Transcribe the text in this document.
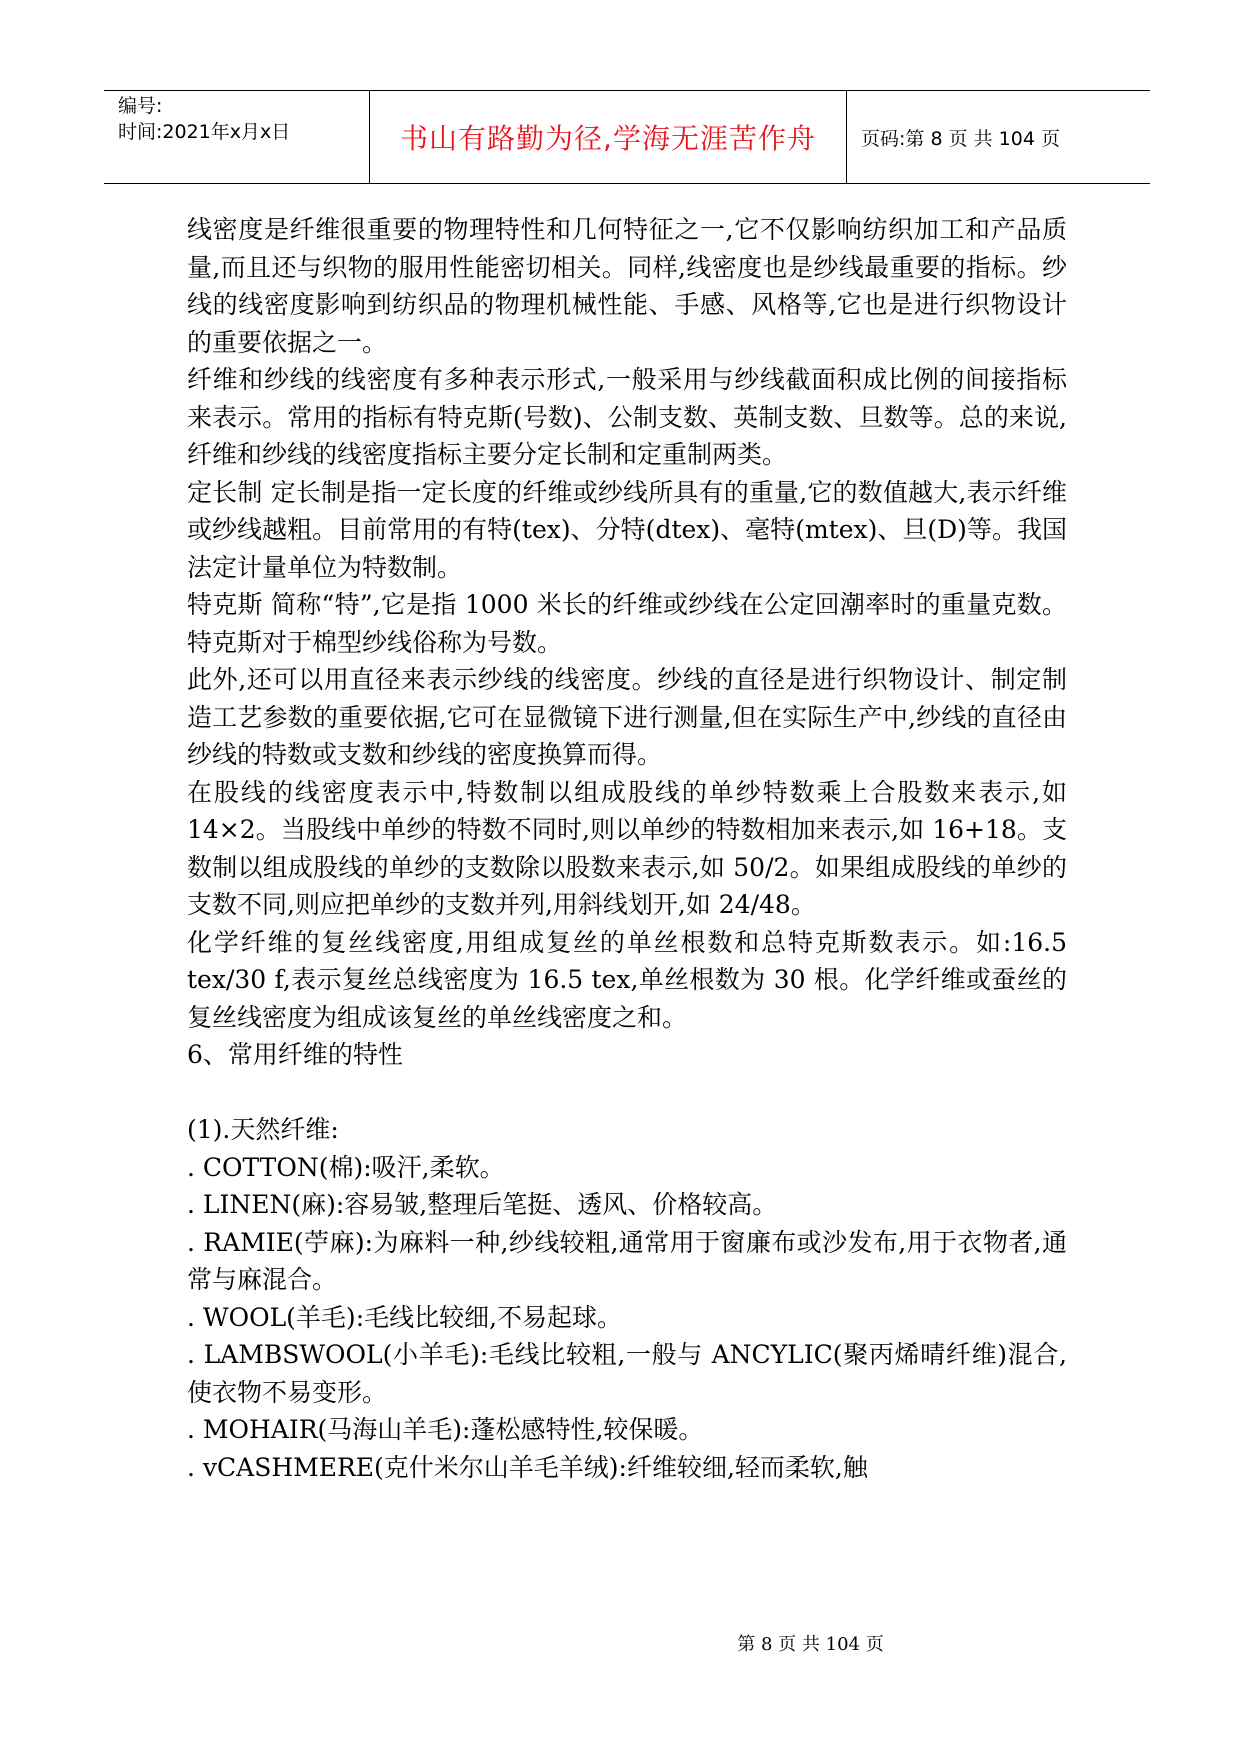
编号:
时间:2021年x月x日	书山有路勤为径,学海无涯苦作舟 页码:第 8 页 共 104 页

线密度是纤维很重要的物理特性和几何特征之一,它不仅影响纺织加工和产品质量,而且还与织物的服用性能密切相关。同样,线密度也是纱线最重要的指标。纱线的线密度影响到纺织品的物理机械性能、手感、风格等,它也是进行织物设计的重要依据之一。

纤维和纱线的线密度有多种表示形式,一般采用与纱线截面积成比例的间接指标来表示。常用的指标有特克斯(号数)、公制支数、英制支数、旦数等。总的来说,纤维和纱线的线密度指标主要分定长制和定重制两类。

定长制 定长制是指一定长度的纤维或纱线所具有的重量,它的数值越大,表示纤维或纱线越粗。目前常用的有特(tex)、分特(dtex)、毫特(mtex)、旦(D)等。我国法定计量单位为特数制。

特克斯 简称“特”,它是指 1000 米长的纤维或纱线在公定回潮率时的重量克数。特克斯对于棉型纱线俗称为号数。

此外,还可以用直径来表示纱线的线密度。纱线的直径是进行织物设计、制定制造工艺参数的重要依据,它可在显微镜下进行测量,但在实际生产中,纱线的直径由纱线的特数或支数和纱线的密度换算而得。

在股线的线密度表示中,特数制以组成股线的单纱特数乘上合股数来表示,如 14×2。当股线中单纱的特数不同时,则以单纱的特数相加来表示,如 16+18。支数制以组成股线的单纱的支数除以股数来表示,如 50/2。如果组成股线的单纱的支数不同,则应把单纱的支数并列,用斜线划开,如 24/48。

化学纤维的复丝线密度,用组成复丝的单丝根数和总特克斯数表示。如:16.5 tex/30 f,表示复丝总线密度为 16.5 tex,单丝根数为 30 根。化学纤维或蚕丝的复丝线密度为组成该复丝的单丝线密度之和。

6、常用纤维的特性

(1).天然纤维:

. COTTON(棉):吸汗,柔软。

. LINEN(麻):容易皱,整理后笔挺、透风、价格较高。

. RAMIE(苧麻):为麻料一种,纱线较粗,通常用于窗廉布或沙发布,用于衣物者,通常与麻混合。

. WOOL(羊毛):毛线比较细,不易起球。

. LAMBSWOOL(小羊毛):毛线比较粗,一般与 ANCYLIC(聚丙烯晴纤维)混合,使衣物不易变形。

. MOHAIR(马海山羊毛):蓬松感特性,较保暖。

. vCASHMERE(克什米尔山羊毛羊绒):纤维较细,轻而柔软,触

第 8 页 共 104 页
